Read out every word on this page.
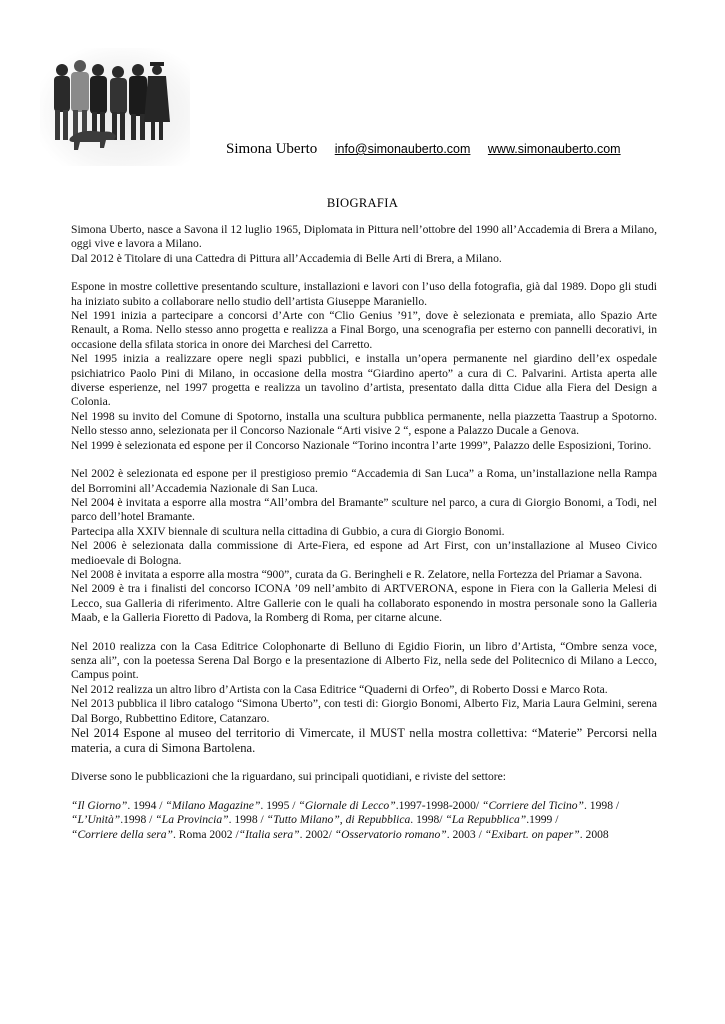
Simona Uberto info@simonauberto.com www.simonauberto.com
BIOGRAFIA

Simona Uberto, nasce a Savona il 12 luglio 1965, Diplomata in Pittura nell’ottobre del 1990 all’Accademia di Brera a Milano, oggi vive e lavora a Milano.

Dal 2012 è Titolare di una Cattedra di Pittura all’Accademia di Belle Arti di Brera, a Milano.

Espone in mostre collettive presentando sculture, installazioni e lavori con l’uso della fotografia, già dal 1989. Dopo gli studi ha iniziato subito a collaborare nello studio dell’artista Giuseppe Maraniello.

Nel 1991 inizia a partecipare a concorsi d’Arte con “Clio Genius ’91”, dove è selezionata e premiata, allo Spazio Arte Renault, a Roma. Nello stesso anno progetta e realizza a Final Borgo, una scenografia per esterno con pannelli decorativi, in occasione della sfilata storica in onore dei Marchesi del Carretto.

Nel 1995 inizia a realizzare opere negli spazi pubblici, e installa un’opera permanente nel giardino dell’ex ospedale psichiatrico Paolo Pini di Milano, in occasione della mostra “Giardino aperto” a cura di C. Palvarini. Artista aperta alle diverse esperienze, nel 1997 progetta e realizza un tavolino d’artista, presentato dalla ditta Cidue alla Fiera del Design a Colonia.

Nel 1998 su invito del Comune di Spotorno, installa una scultura pubblica permanente, nella piazzetta Taastrup a Spotorno. Nello stesso anno, selezionata per il Concorso Nazionale “Arti visive 2 “, espone a Palazzo Ducale a Genova.

Nel 1999 è selezionata ed espone per il Concorso Nazionale “Torino incontra l’arte 1999”, Palazzo delle Esposizioni, Torino.

Nel 2002 è selezionata ed espone per il prestigioso premio “Accademia di San Luca” a Roma, un’installazione nella Rampa del Borromini all’Accademia Nazionale di San Luca.

Nel 2004 è invitata a esporre alla mostra “All’ombra del Bramante” sculture nel parco, a cura di Giorgio Bonomi, a Todi, nel parco dell’hotel Bramante.

Partecipa alla XXIV biennale di scultura nella cittadina di Gubbio, a cura di Giorgio Bonomi.

Nel 2006 è selezionata dalla commissione di Arte-Fiera, ed espone ad Art First, con un’installazione al Museo Civico medioevale di Bologna.

Nel 2008 è invitata a esporre alla mostra “900”, curata da G. Beringheli e R. Zelatore, nella Fortezza del Priamar a Savona.

Nel 2009 è tra i finalisti del concorso ICONA ’09 nell’ambito di ARTVERONA, espone in Fiera con la Galleria Melesi di Lecco, sua Galleria di riferimento. Altre Gallerie con le quali ha collaborato esponendo in mostra personale sono la Galleria Maab, e la Galleria Fioretto di Padova, la Romberg di Roma, per citarne alcune.

Nel 2010 realizza con la Casa Editrice Colophonarte di Belluno di Egidio Fiorin, un libro d’Artista, “Ombre senza voce, senza ali”, con la poetessa Serena Dal Borgo e la presentazione di Alberto Fiz, nella sede del Politecnico di Milano a Lecco, Campus point.

Nel 2012 realizza un altro libro d’Artista con la Casa Editrice “Quaderni di Orfeo”, di Roberto Dossi e Marco Rota.

Nel 2013 pubblica il libro catalogo “Simona Uberto”, con testi di: Giorgio Bonomi, Alberto Fiz, Maria Laura Gelmini, serena Dal Borgo, Rubbettino Editore, Catanzaro.

Nel 2014 Espone al museo del territorio di Vimercate, il MUST nella mostra collettiva: “Materie” Percorsi nella materia, a cura di Simona Bartolena.

Diverse sono le pubblicazioni che la riguardano, sui principali quotidiani, e riviste del settore:

“Il Giorno”. 1994 / “Milano Magazine”. 1995 / “Giornale di Lecco”.1997-1998-2000/ “Corriere del Ticino”. 1998 /
“L’Unità”.1998 / “La Provincia”. 1998 / “Tutto Milano”, di Repubblica. 1998/ “La Repubblica”.1999 /
“Corriere della sera”. Roma 2002 /“Italia sera”. 2002/ “Osservatorio romano”. 2003 / “Exibart. on paper”. 2008
